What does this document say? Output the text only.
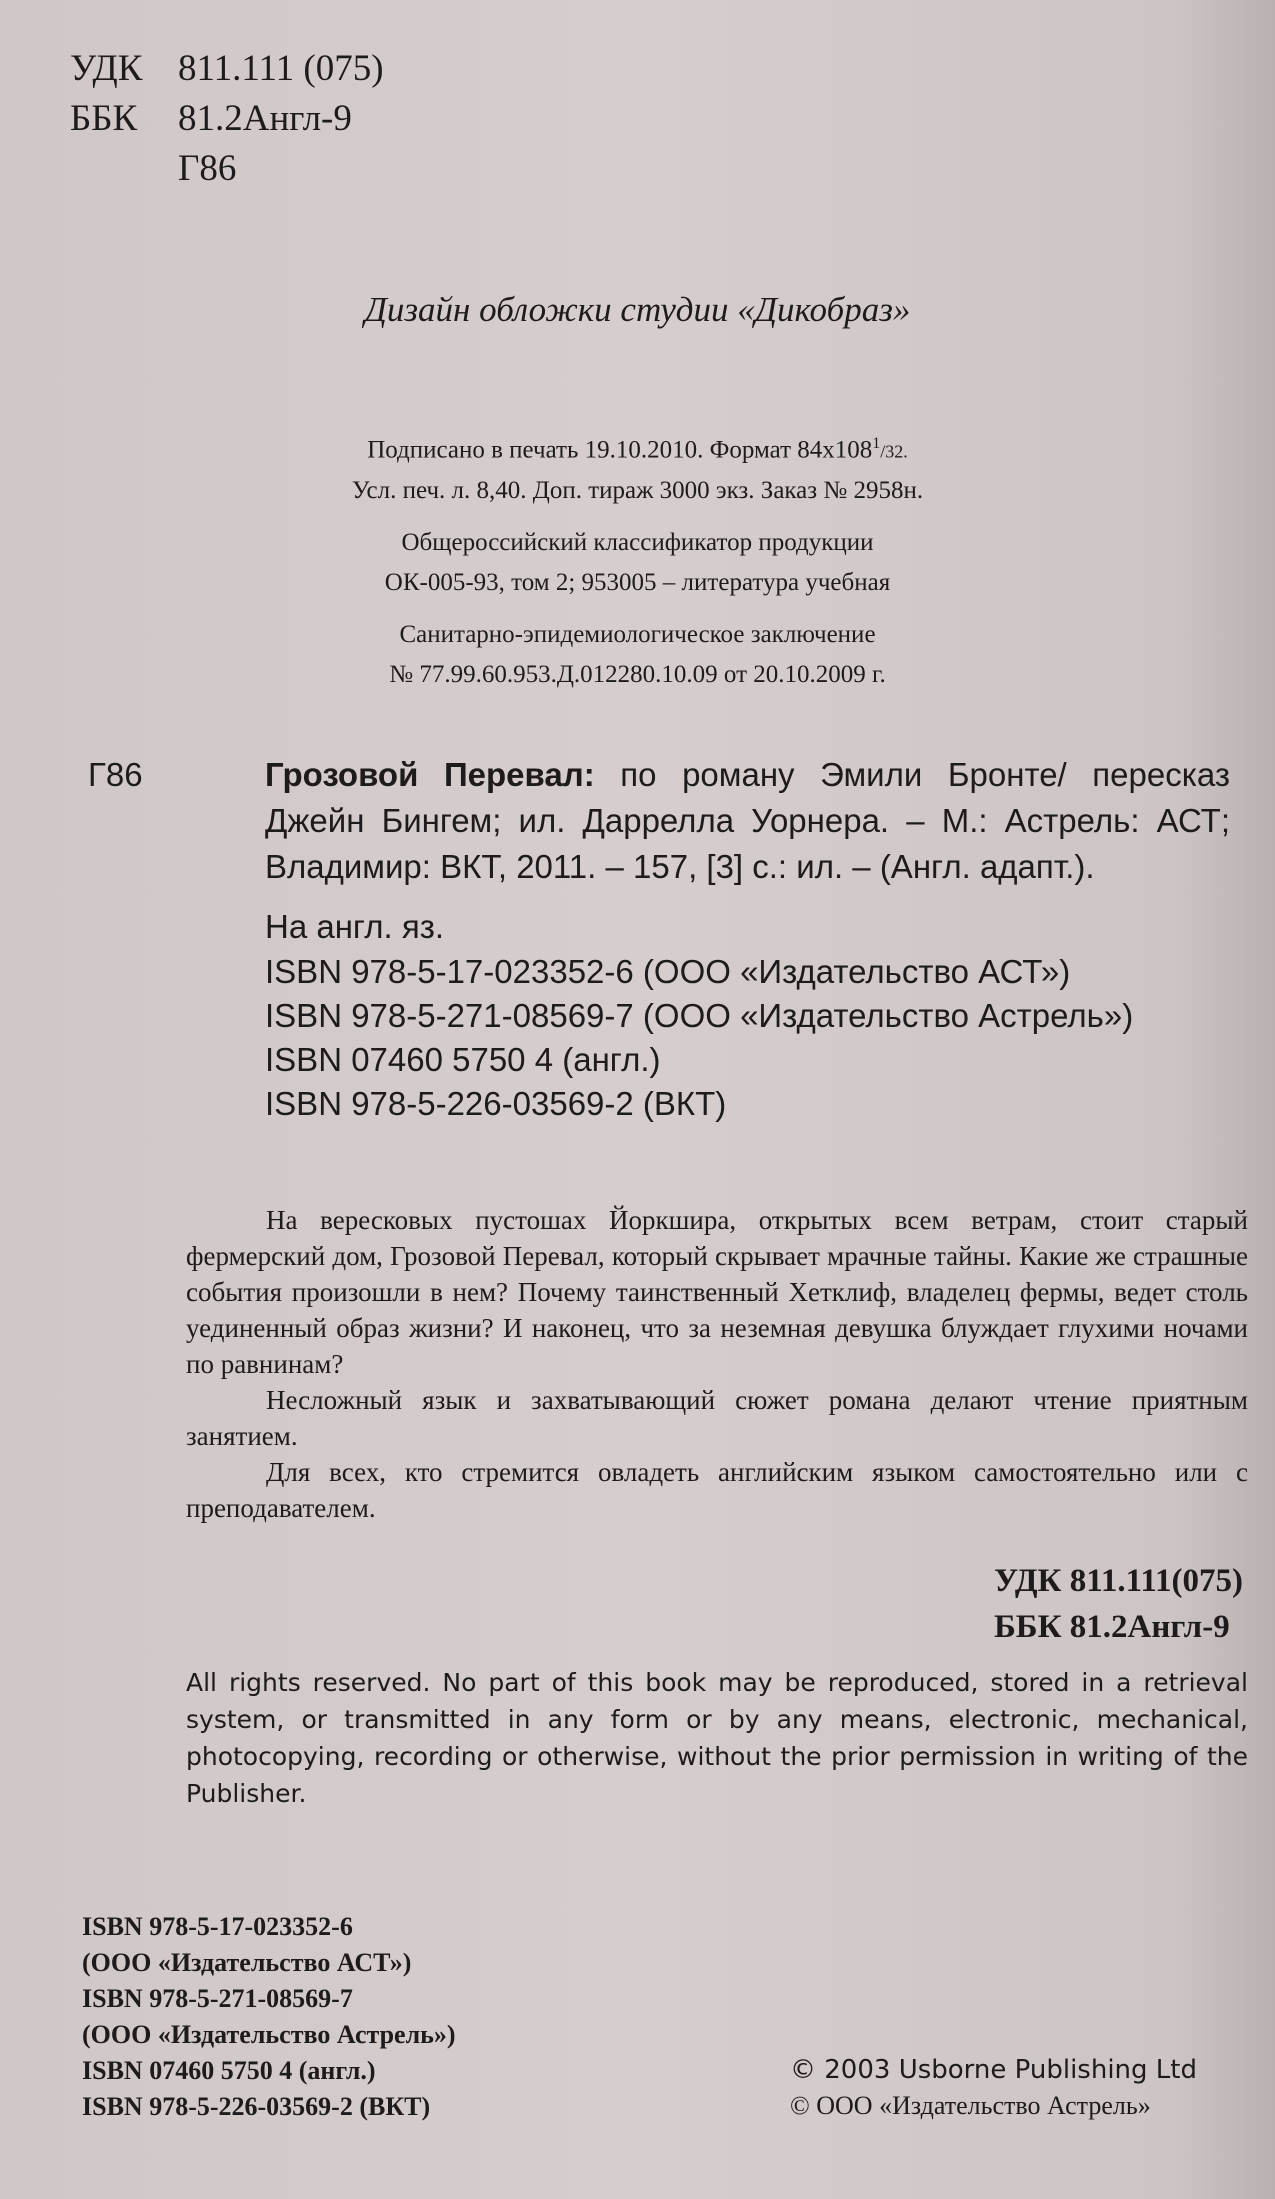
УДК 811.111 (075)
ББК 81.2Англ-9
Г86
Дизайн обложки студии «Дикобраз»
Подписано в печать 19.10.2010. Формат $84x108^1/32$.
Усл. печ. л. 8,40. Доп. тираж 3000 экз. Заказ № 2958н.
Общероссийский классификатор продукции
ОК-005-93, том 2; 953005 – литература учебная
Санитарно-эпидемиологическое заключение
№ 77.99.60.953.Д.012280.10.09 от 20.10.2009 г.
Г86	Грозовой Перевал: по роману Эмили Бронте/ пересказ Джейн Бингем; ил. Дарреллa Уорнера. – М.: Астрель: АСТ; Владимир: ВКТ, 2011. – 157, [3] с.: ил. – (Англ. адапт.).
На англ. яз.
ISBN 978-5-17-023352-6 (ООО «Издательство АСТ»)
ISBN 978-5-271-08569-7 (ООО «Издательство Астрель»)
ISBN 07460 5750 4 (англ.)
ISBN 978-5-226-03569-2 (ВКТ)

На вересковых пустошах Йоркшира, открытых всем ветрам, стоит старый фермерский дом, Грозовой Перевал, который скрывает мрачные тайны. Какие же страшные события произошли в нем? Почему таинственный Хетклиф, владелец фермы, ведет столь уединенный образ жизни? И наконец, что за неземная девушка блуждает глухими ночами по равнинам?

Несложный язык и захватывающий сюжет романа делают чтение приятным занятием.

Для всех, кто стремится овладеть английским языком самостоятельно или с преподавателем.

УДК 811.111(075)
ББК 81.2Англ-9
All rights reserved. No part of this book may be reproduced, stored in a retrieval system, or transmitted in any form or by any means, electronic, mechanical, photocopying, recording or otherwise, without the prior permission in writing of the Publisher.
ISBN 978-5-17-023352-6
(ООО «Издательство АСТ»)
ISBN 978-5-271-08569-7
(ООО «Издательство Астрель»)
ISBN 07460 5750 4 (англ.)
ISBN 978-5-226-03569-2 (ВКТ)
© 2003 Usborne Publishing Ltd
© ООО «Издательство Астрель»
